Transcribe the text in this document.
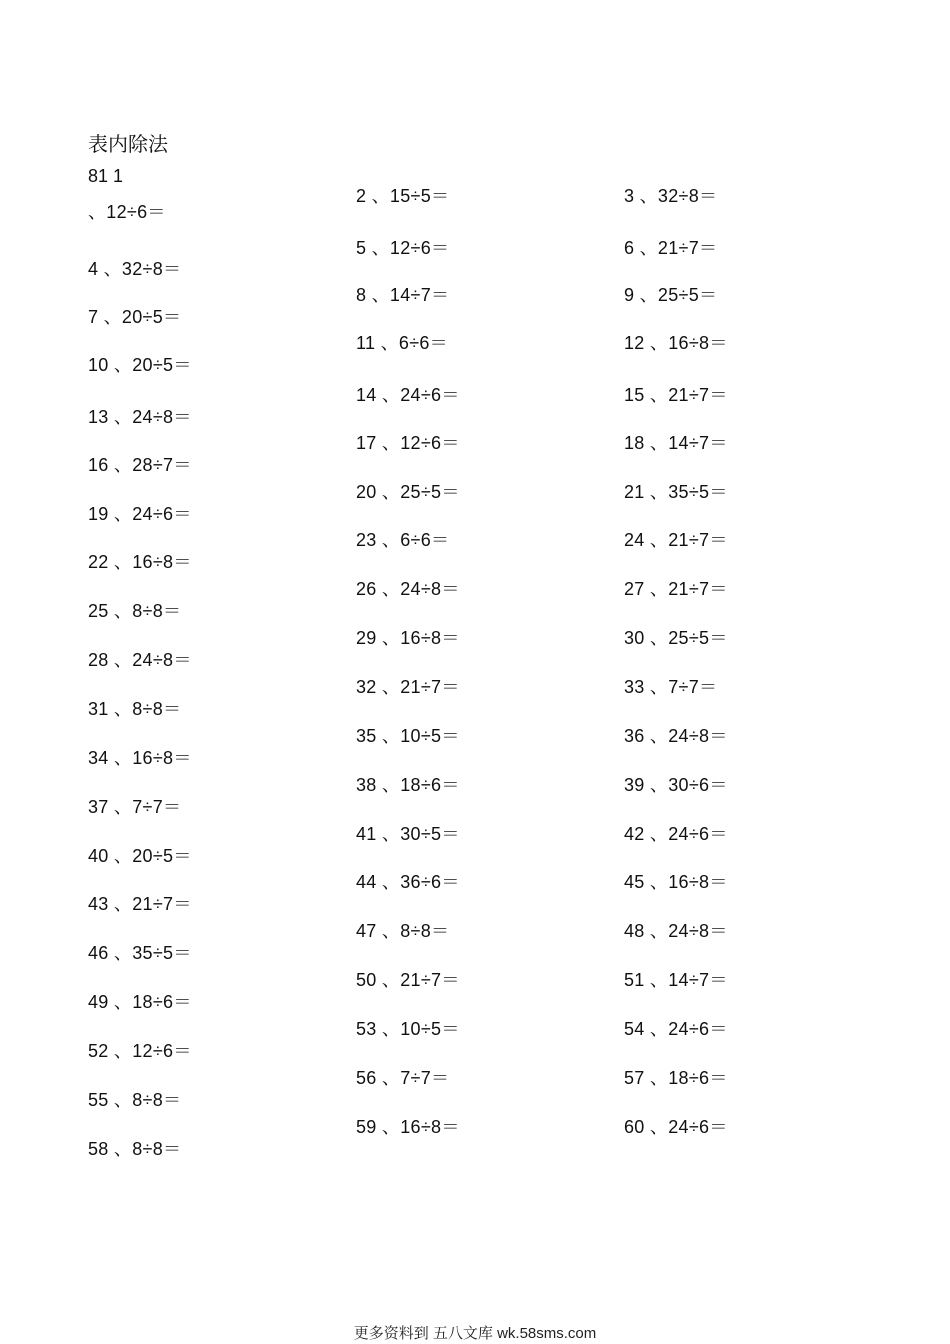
表内除法
81 1
、12÷6＝
4 、32÷8＝
7 、20÷5＝
10 、20÷5＝
13 、24÷8＝
16 、28÷7＝
19 、24÷6＝
22 、16÷8＝
25 、8÷8＝
28 、24÷8＝
31 、8÷8＝
34 、16÷8＝
37 、7÷7＝
40 、20÷5＝
43 、21÷7＝
46 、35÷5＝
49 、18÷6＝
52 、12÷6＝
55 、8÷8＝
58 、8÷8＝
2 、15÷5＝
5 、12÷6＝
8 、14÷7＝
11 、6÷6＝
14 、24÷6＝
17 、12÷6＝
20 、25÷5＝
23 、6÷6＝
26 、24÷8＝
29 、16÷8＝
32 、21÷7＝
35 、10÷5＝
38 、18÷6＝
41 、30÷5＝
44 、36÷6＝
47 、8÷8＝
50 、21÷7＝
53 、10÷5＝
56 、7÷7＝
59 、16÷8＝
3 、32÷8＝
6 、21÷7＝
9 、25÷5＝
12 、16÷8＝
15 、21÷7＝
18 、14÷7＝
21 、35÷5＝
24 、21÷7＝
27 、21÷7＝
30 、25÷5＝
33 、7÷7＝
36 、24÷8＝
39 、30÷6＝
42 、24÷6＝
45 、16÷8＝
48 、24÷8＝
51 、14÷7＝
54 、24÷6＝
57 、18÷6＝
60 、24÷6＝
更多资料到 五八文库 wk.58sms.com
